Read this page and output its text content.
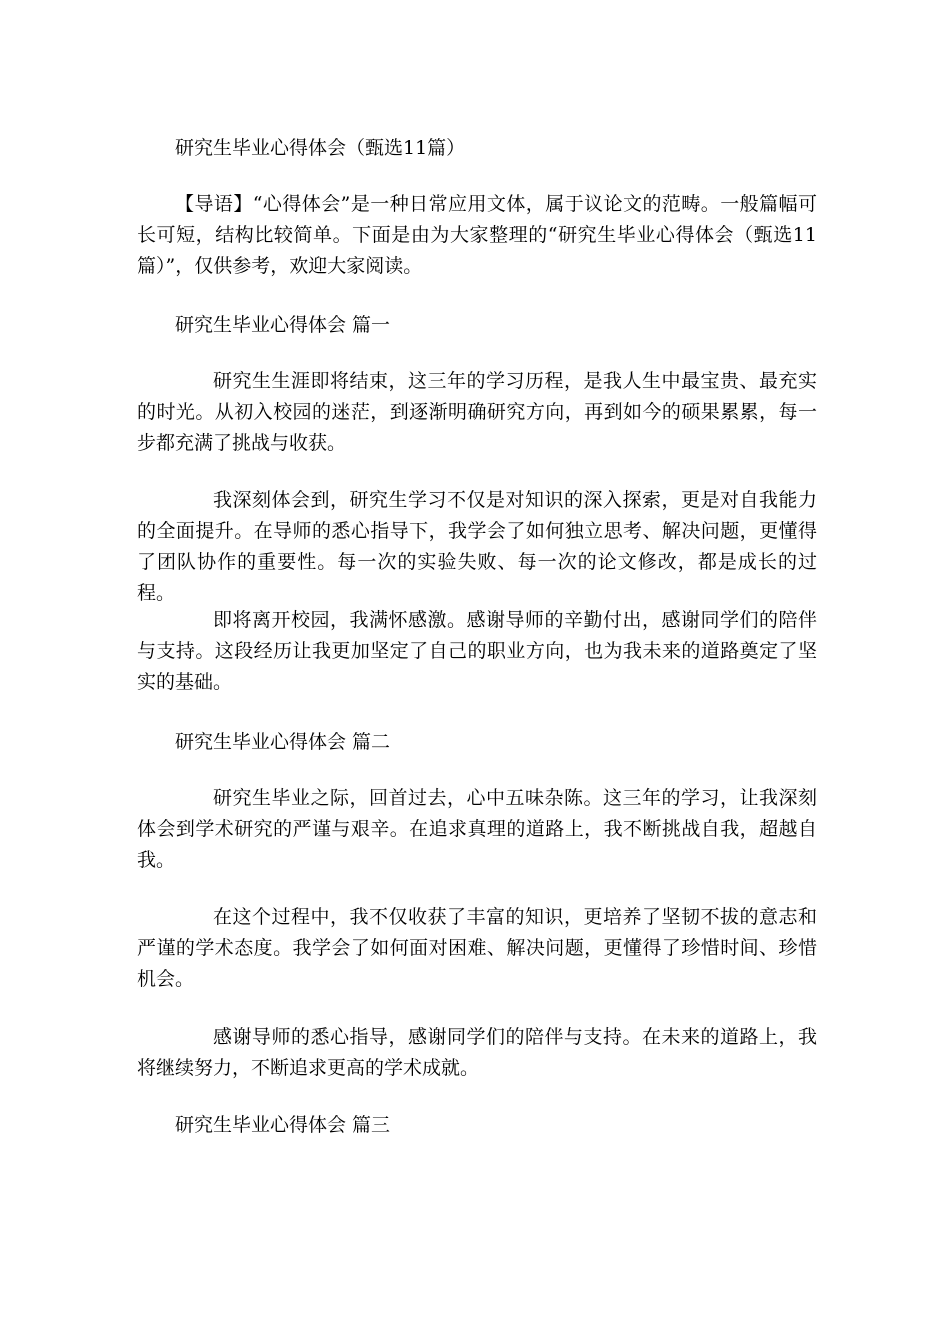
研究生毕业心得体会（甄选11篇）

【导语】“心得体会”是一种日常应用文体，属于议论文的范畴。一般篇幅可长可短，结构比较简单。下面是由为大家整理的“研究生毕业心得体会（甄选11篇）”，仅供参考，欢迎大家阅读。

研究生毕业心得体会 篇一

研究生生涯即将结束，这三年的学习历程，是我人生中最宝贵、最充实的时光。从初入校园的迷茫，到逐渐明确研究方向，再到如今的硕果累累，每一步都充满了挑战与收获。

我深刻体会到，研究生学习不仅是对知识的深入探索，更是对自我能力的全面提升。在导师的悉心指导下，我学会了如何独立思考、解决问题，更懂得了团队协作的重要性。每一次的实验失败、每一次的论文修改，都是成长的过程。

即将离开校园，我满怀感激。感谢导师的辛勤付出，感谢同学们的陪伴与支持。这段经历让我更加坚定了自己的职业方向，也为我未来的道路奠定了坚实的基础。

研究生毕业心得体会 篇二

研究生毕业之际，回首过去，心中五味杂陈。这三年的学习，让我深刻体会到学术研究的严谨与艰辛。在追求真理的道路上，我不断挑战自我，超越自我。

在这个过程中，我不仅收获了丰富的知识，更培养了坚韧不拔的意志和严谨的学术态度。我学会了如何面对困难、解决问题，更懂得了珍惜时间、珍惜机会。

感谢导师的悉心指导，感谢同学们的陪伴与支持。在未来的道路上，我将继续努力，不断追求更高的学术成就。

研究生毕业心得体会 篇三
